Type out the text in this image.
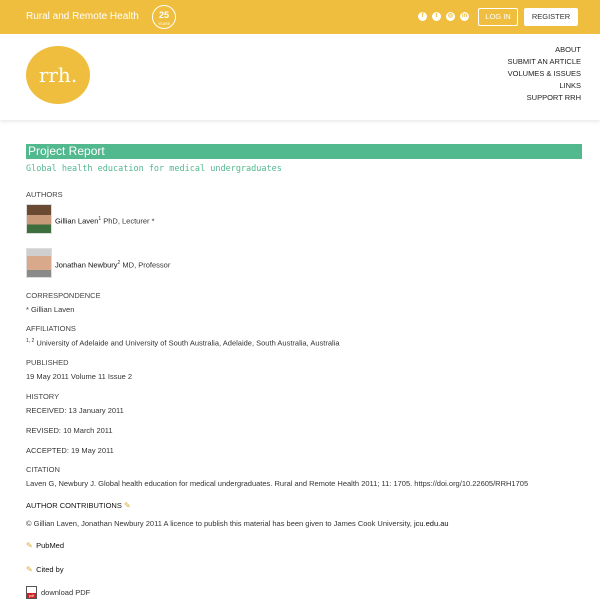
Rural and Remote Health	25
YEARS
f	t	◎	in	LOG IN	REGISTER
rrh.
ABOUT
SUBMIT AN ARTICLE
VOLUMES & ISSUES
LINKS
SUPPORT RRH
Project Report
Global health education for medical undergraduates
AUTHORS
Gillian Laven$^1$ PhD, Lecturer *
Jonathan Newbury$^2$ MD, Professor
CORRESPONDENCE
* Gillian Laven
AFFILIATIONS
$^{1, 2}$ University of Adelaide and University of South Australia, Adelaide, South Australia, Australia
PUBLISHED
19 May 2011 Volume 11 Issue 2
HISTORY
RECEIVED: 13 January 2011
REVISED: 10 March 2011
ACCEPTED: 19 May 2011
CITATION
Laven G, Newbury J. Global health education for medical undergraduates. Rural and Remote Health 2011; 11: 1705. https://doi.org/10.22605/RRH1705
AUTHOR CONTRIBUTIONS ✎
© Gillian Laven, Jonathan Newbury 2011 A licence to publish this material has been given to James Cook University, jcu.edu.au
✎ PubMed
✎ Cited by
pdf
download PDF
